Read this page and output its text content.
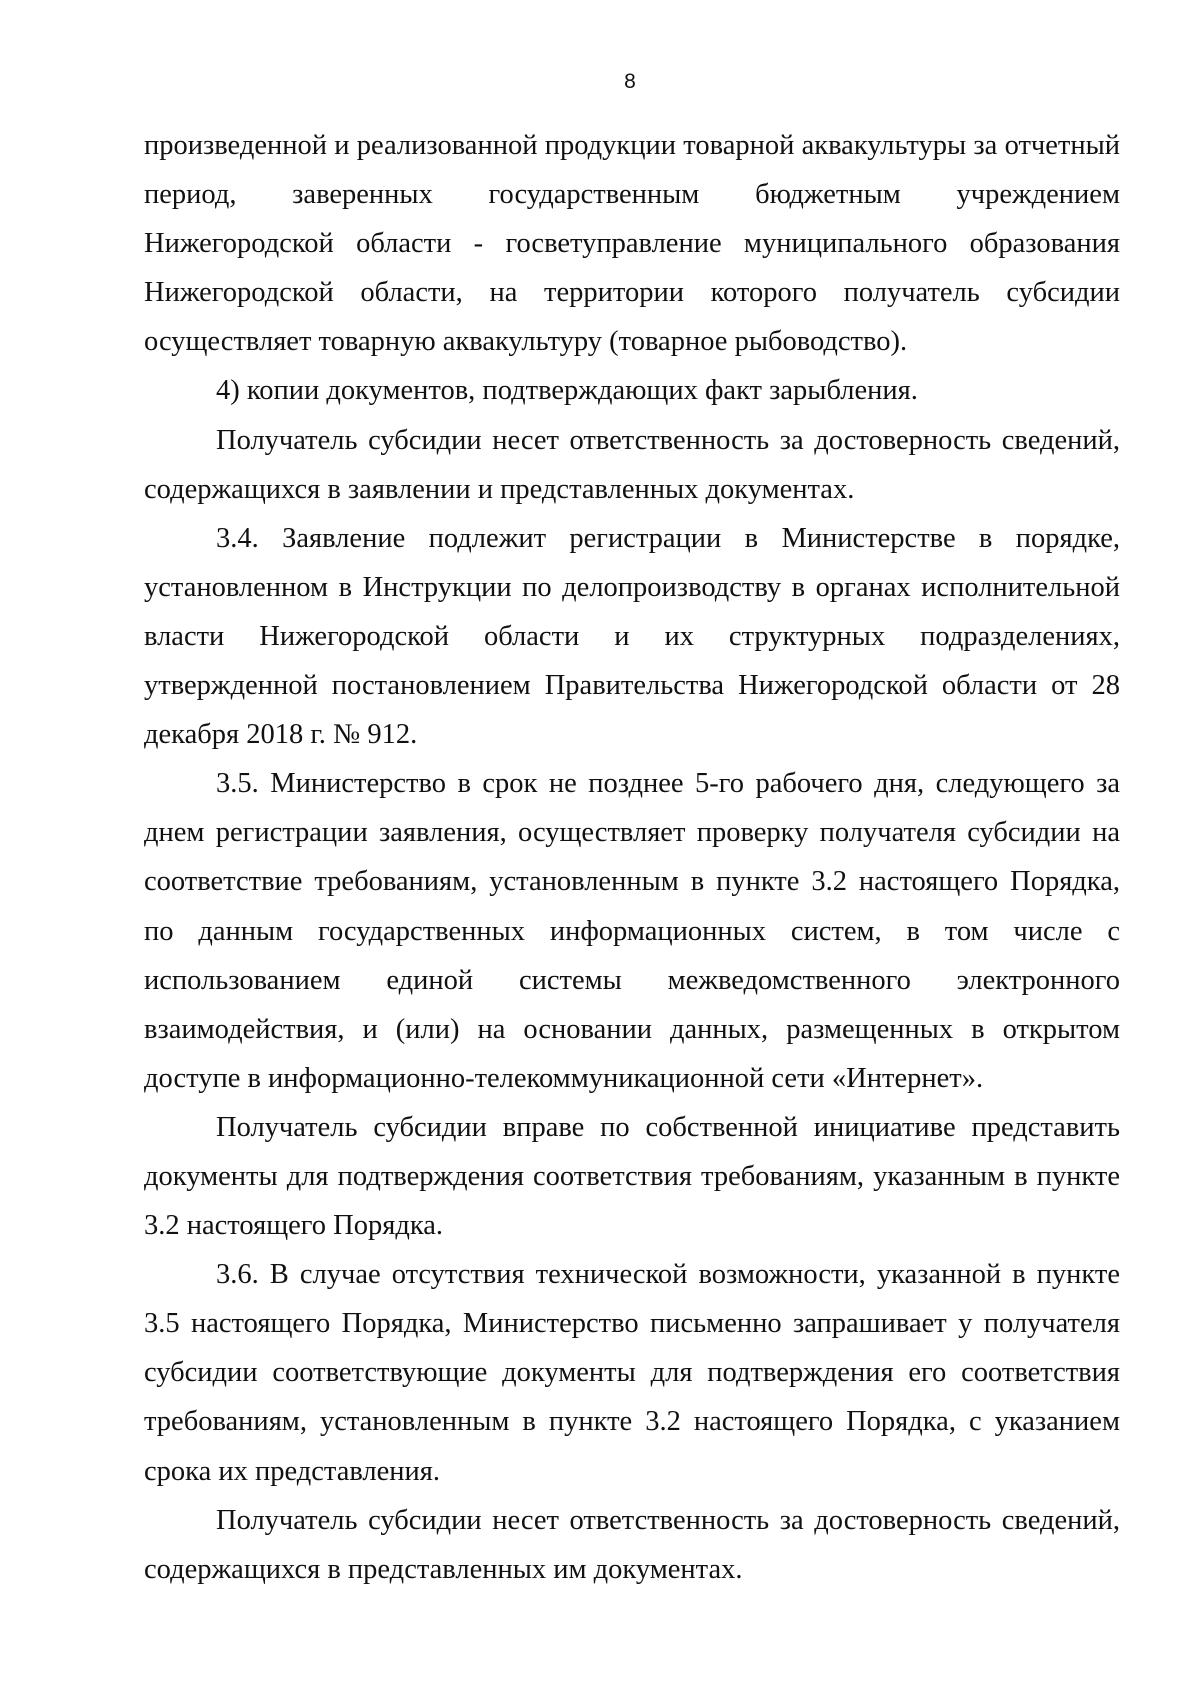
8

произведенной и реализованной продукции товарной аквакультуры за отчетный период, заверенных государственным бюджетным учреждением Нижегородской области - госветуправление муниципального образования Нижегородской области, на территории которого получатель субсидии осуществляет товарную аквакультуру (товарное рыбоводство).

4) копии документов, подтверждающих факт зарыбления.

Получатель субсидии несет ответственность за достоверность сведений, содержащихся в заявлении и представленных документах.

3.4. Заявление подлежит регистрации в Министерстве в порядке, установленном в Инструкции по делопроизводству в органах исполнительной власти Нижегородской области и их структурных подразделениях, утвержденной постановлением Правительства Нижегородской области от 28 декабря 2018 г. № 912.

3.5. Министерство в срок не позднее 5-го рабочего дня, следующего за днем регистрации заявления, осуществляет проверку получателя субсидии на соответствие требованиям, установленным в пункте 3.2 настоящего Порядка, по данным государственных информационных систем, в том числе с использованием единой системы межведомственного электронного взаимодействия, и (или) на основании данных, размещенных в открытом доступе в информационно-телекоммуникационной сети «Интернет».

Получатель субсидии вправе по собственной инициативе представить документы для подтверждения соответствия требованиям, указанным в пункте 3.2 настоящего Порядка.

3.6. В случае отсутствия технической возможности, указанной в пункте 3.5 настоящего Порядка, Министерство письменно запрашивает у получателя субсидии соответствующие документы для подтверждения его соответствия требованиям, установленным в пункте 3.2 настоящего Порядка, с указанием срока их представления.

Получатель субсидии несет ответственность за достоверность сведений, содержащихся в представленных им документах.
